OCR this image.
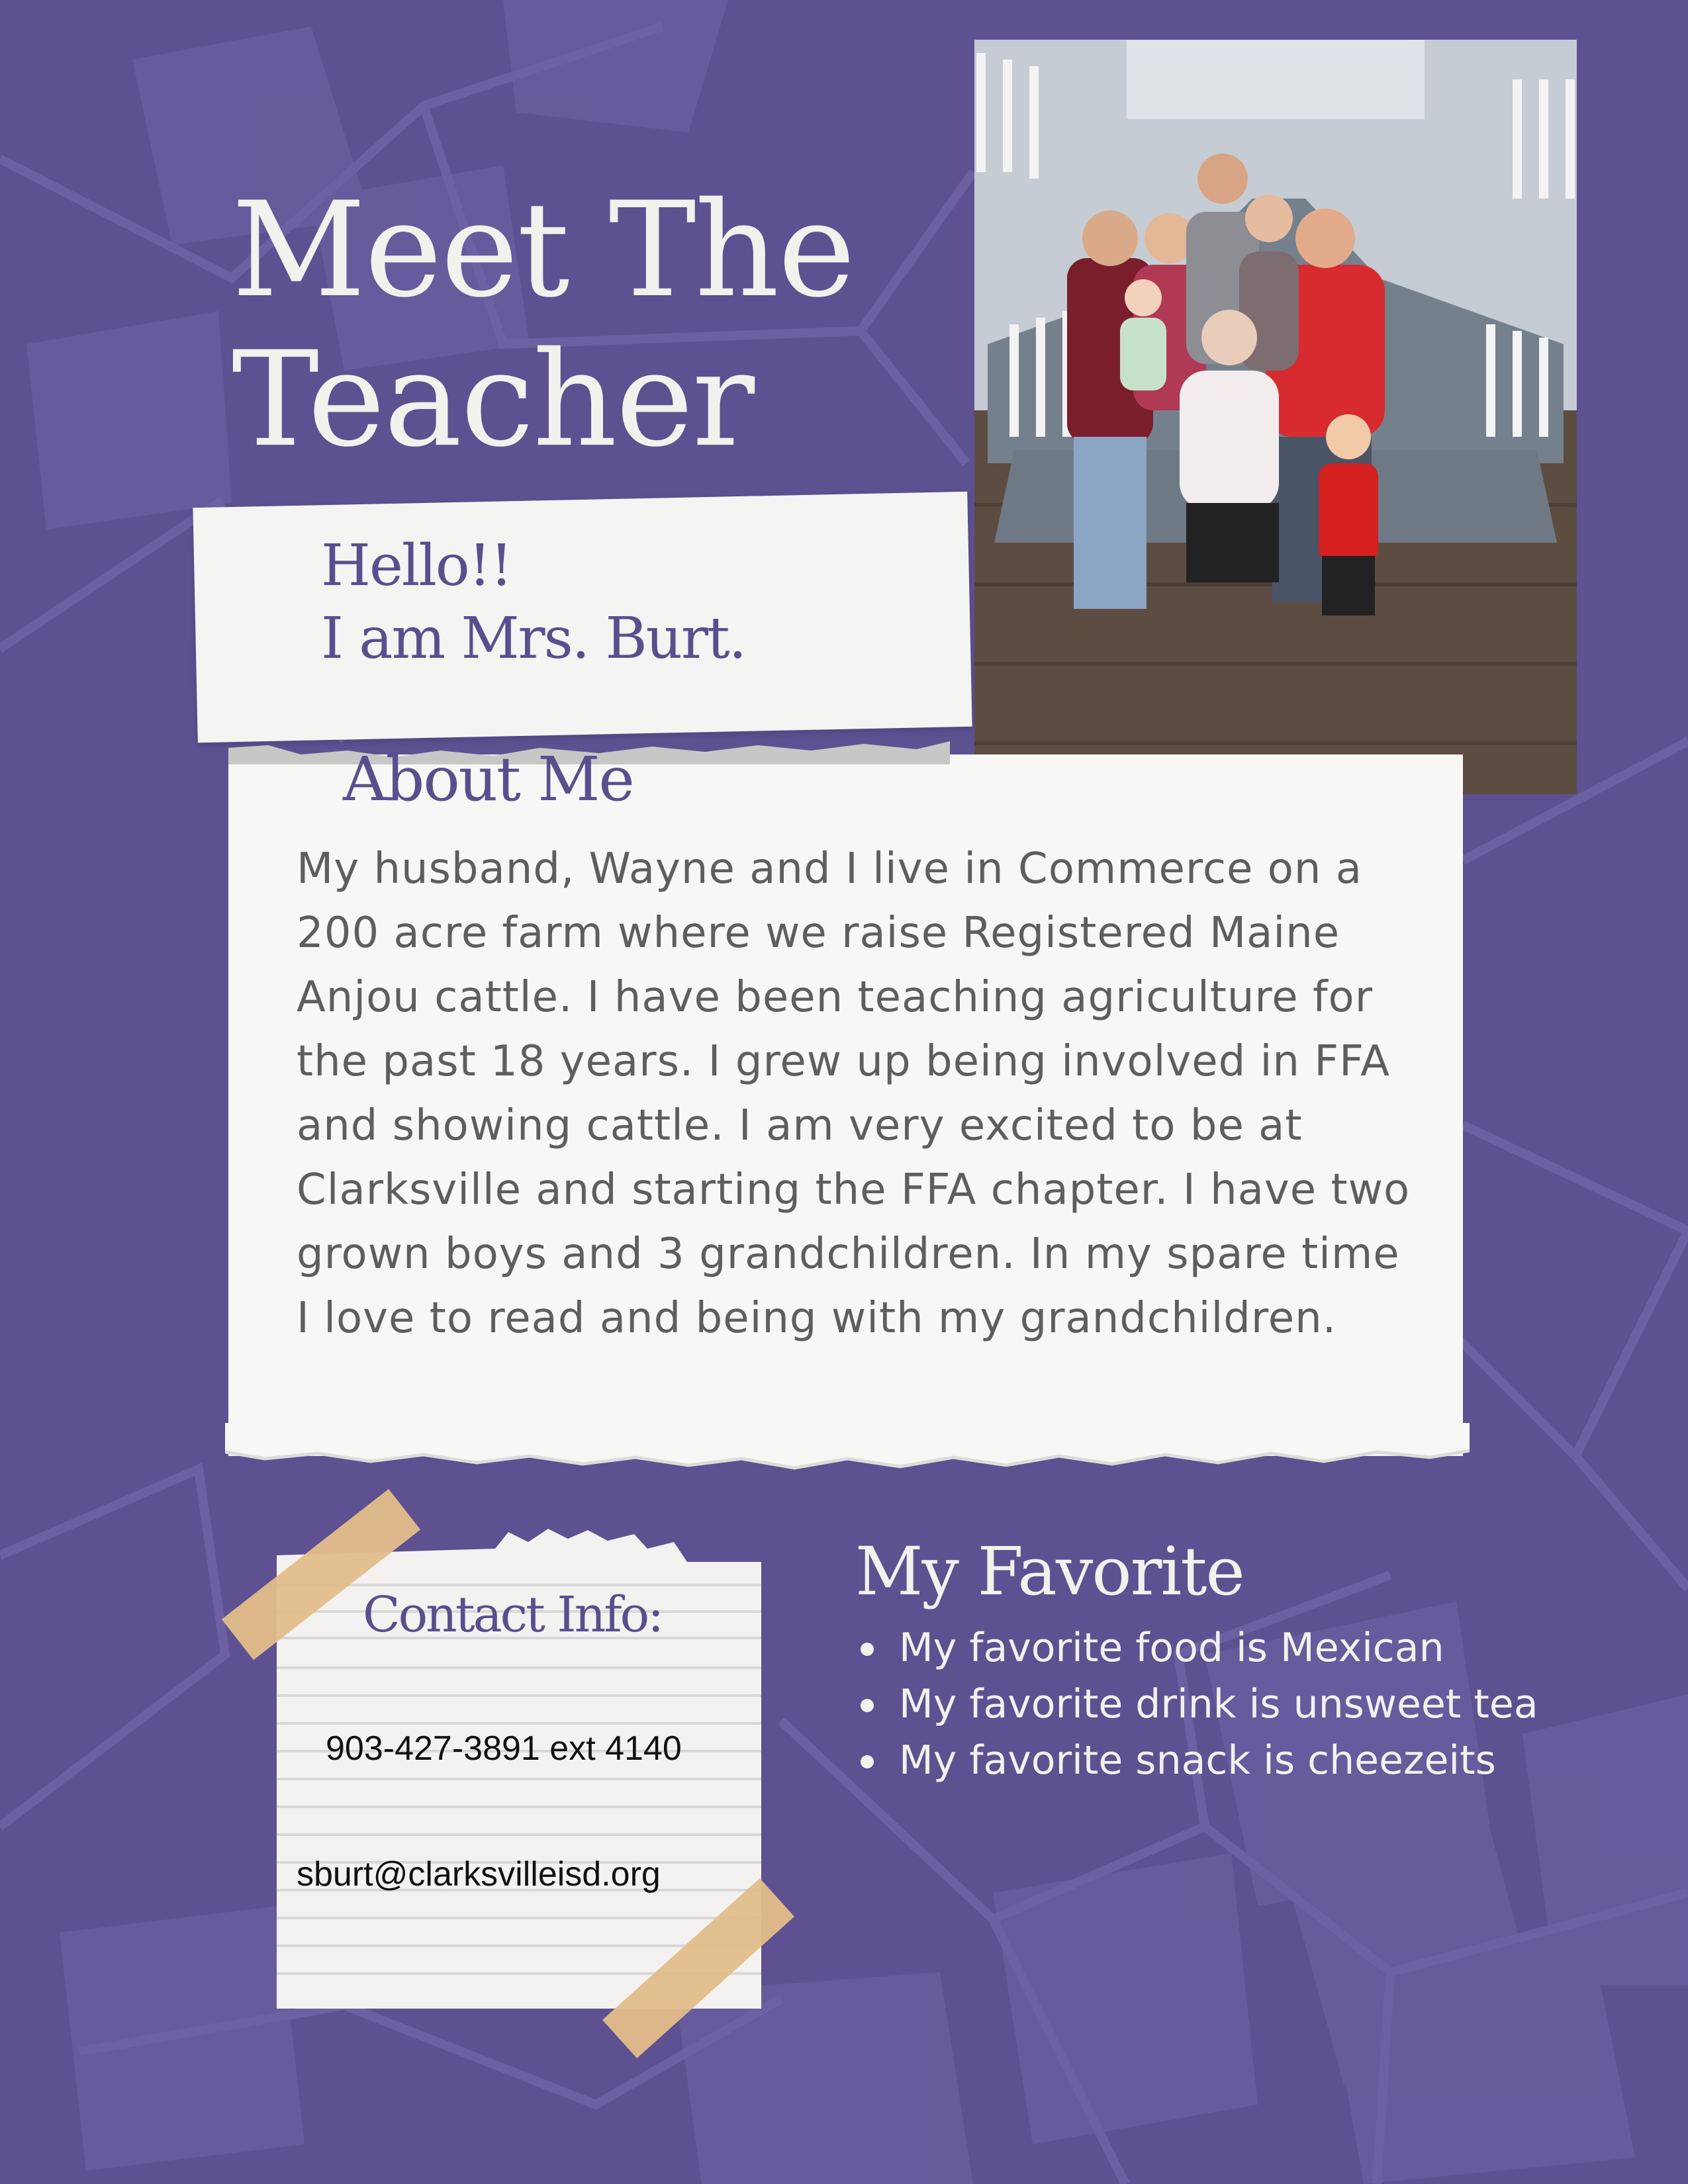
Meet The
Teacher
Hello!!
I am Mrs. Burt.
About Me
My husband, Wayne and I live in Commerce on a 200 acre farm where we raise Registered Maine Anjou cattle. I have been teaching agriculture for the past 18 years. I grew up being involved in FFA and showing cattle. I am very excited to be at Clarksville and starting the FFA chapter. I have two grown boys and 3 grandchildren. In my spare time I love to read and being with my grandchildren.
Contact Info:
903-427-3891 ext 4140
sburt@clarksvilleisd.org
My Favorite
My favorite food is Mexican
My favorite drink is unsweet tea
My favorite snack is cheezeits
